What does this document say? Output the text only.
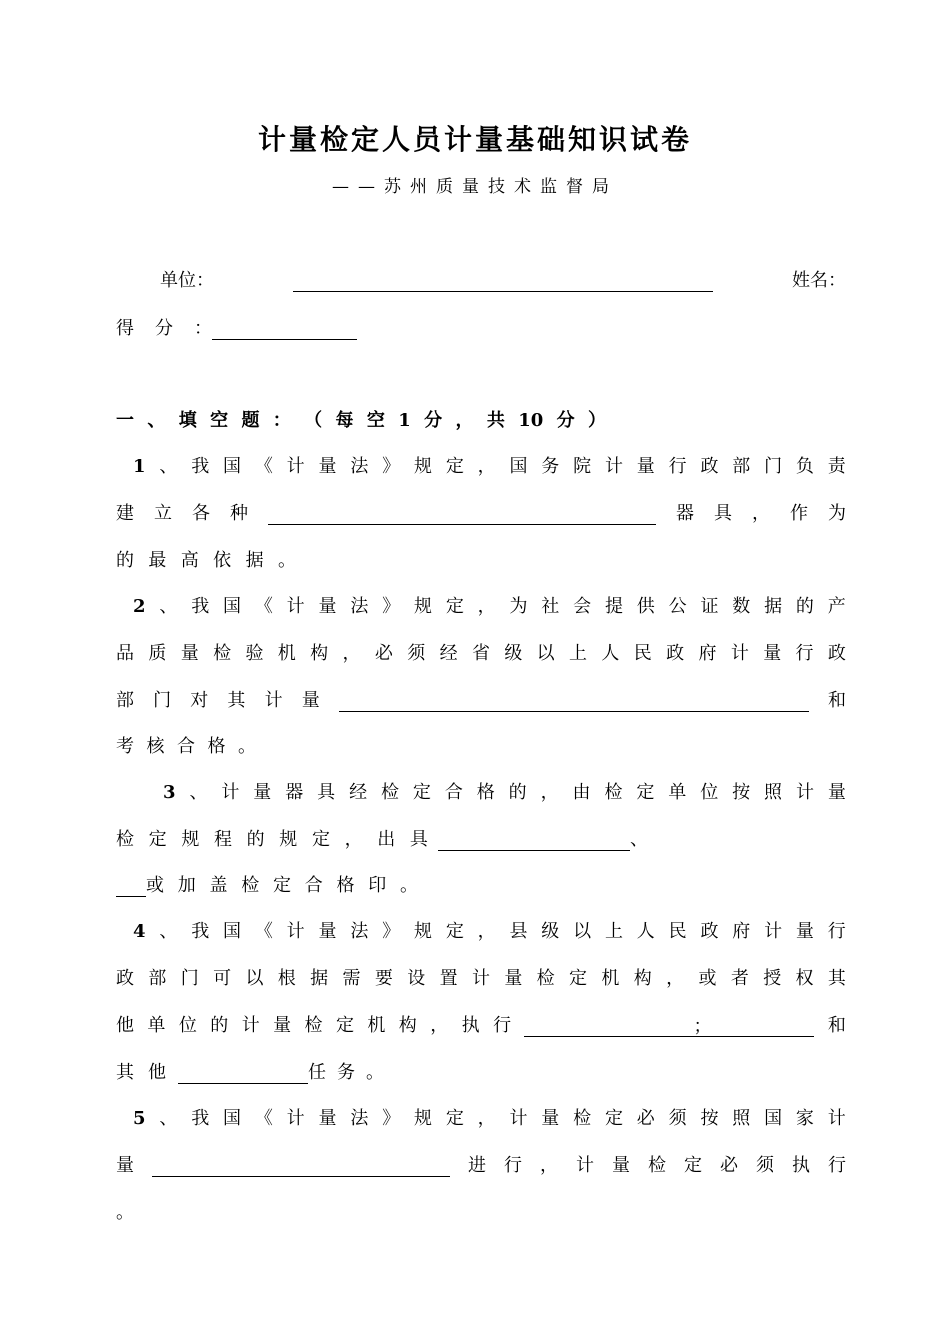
计量检定人员计量基础知识试卷
——苏州质量技术监督局
单位：	姓名：
得 分 ：
一 、 填 空 题 ： （ 每 空 1 分 ， 共 10 分 ）
1 、 我 国 《 计 量 法 》 规 定 ， 国 务 院 计 量 行 政 部 门 负 责
建 立 各 种	器 具 ， 作 为
的 最 高 依 据 。
2 、 我 国 《 计 量 法 》 规 定 ， 为 社 会 提 供 公 证 数 据 的 产
品 质 量 检 验 机 构 ， 必 须 经 省 级 以 上 人 民 政 府 计 量 行 政
部 门 对 其 计 量	和
考 核 合 格 。
3 、 计 量 器 具 经 检 定 合 格 的 ， 由 检 定 单 位 按 照 计 量
检 定 规 程 的 规 定 ， 出 具	、
或 加 盖 检 定 合 格 印 。
4 、 我 国 《 计 量 法 》 规 定 ， 县 级 以 上 人 民 政 府 计 量 行
政 部 门 可 以 根 据 需 要 设 置 计 量 检 定 机 构 ， 或 者 授 权 其
他 单 位 的 计 量 检 定 机 构 ， 执 行	；	和
其 他	任 务 。
5 、 我 国 《 计 量 法 》 规 定 ， 计 量 检 定 必 须 按 照 国 家 计
量	进 行 ， 计 量 检 定 必 须 执 行
。
